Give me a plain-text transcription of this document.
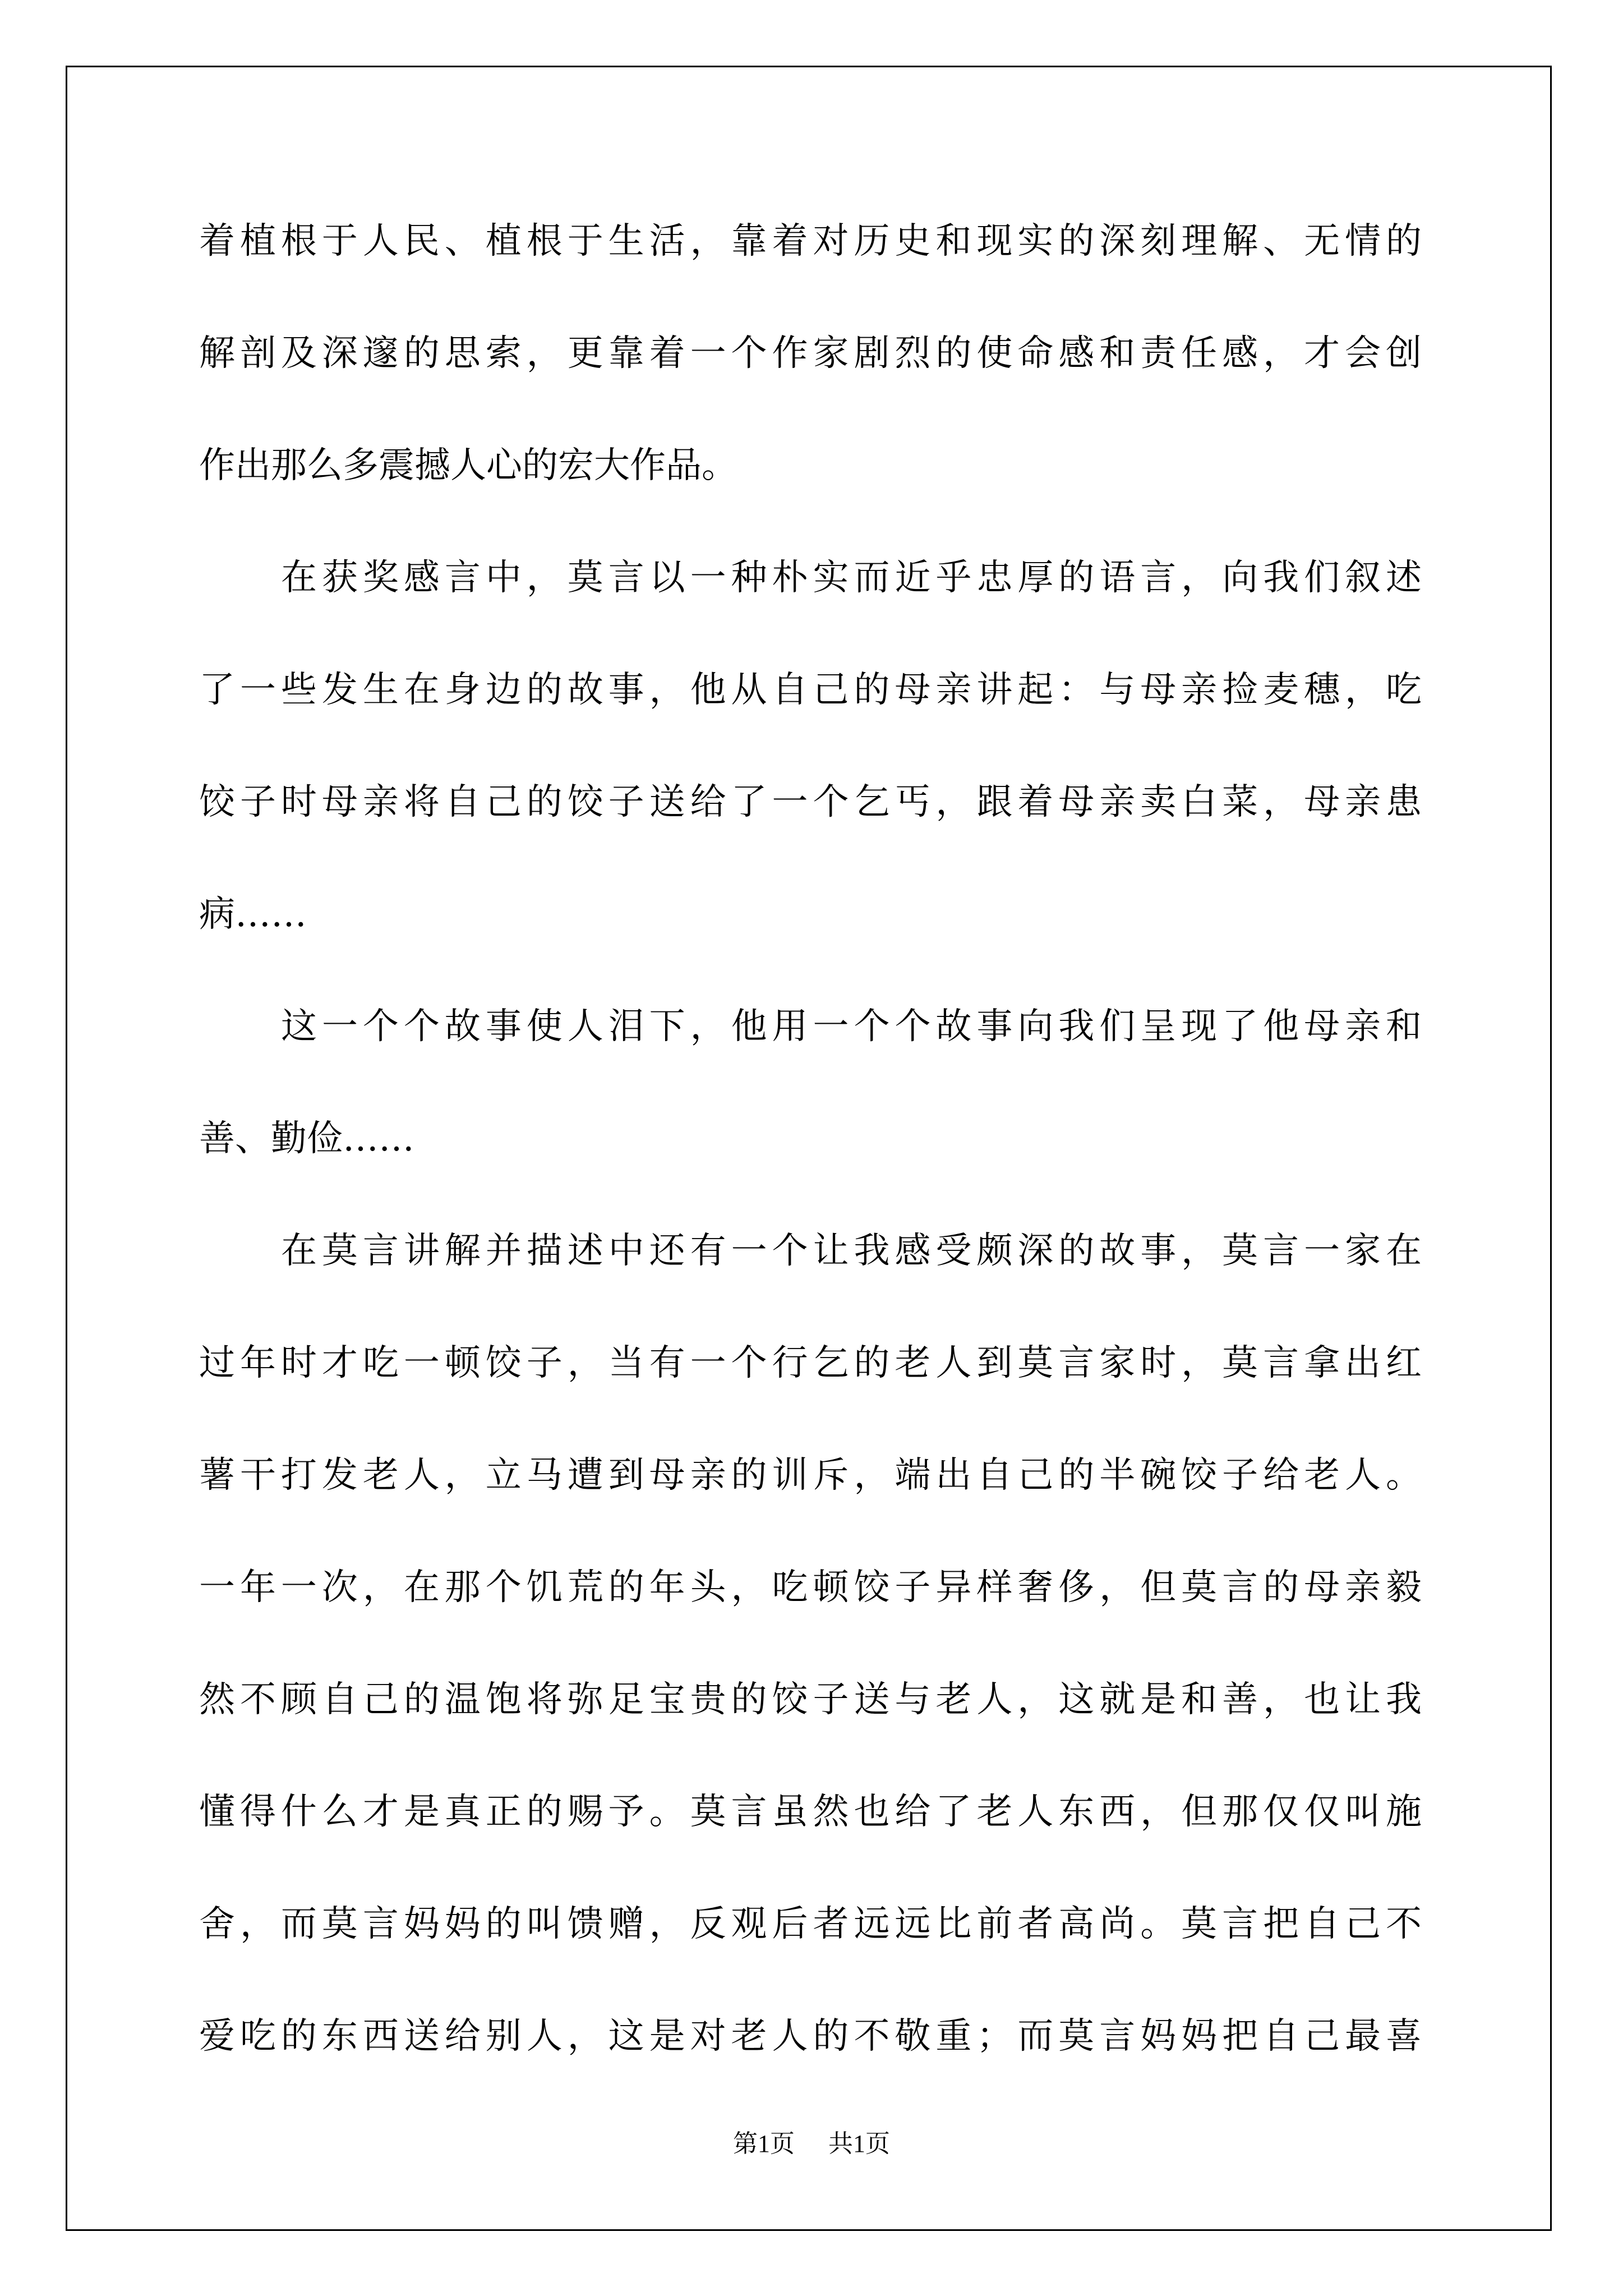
着植根于人民、植根于生活，靠着对历史和现实的深刻理解、无情的
解剖及深邃的思索，更靠着一个作家剧烈的使命感和责任感，才会创
作出那么多震撼人心的宏大作品。
在获奖感言中，莫言以一种朴实而近乎忠厚的语言，向我们叙述
了一些发生在身边的故事，他从自己的母亲讲起：与母亲捡麦穗，吃
饺子时母亲将自己的饺子送给了一个乞丐，跟着母亲卖白菜，母亲患
病……
这一个个故事使人泪下，他用一个个故事向我们呈现了他母亲和
善、勤俭……
在莫言讲解并描述中还有一个让我感受颇深的故事，莫言一家在
过年时才吃一顿饺子，当有一个行乞的老人到莫言家时，莫言拿出红
薯干打发老人，立马遭到母亲的训斥，端出自己的半碗饺子给老人。
一年一次，在那个饥荒的年头，吃顿饺子异样奢侈，但莫言的母亲毅
然不顾自己的温饱将弥足宝贵的饺子送与老人，这就是和善，也让我
懂得什么才是真正的赐予。莫言虽然也给了老人东西，但那仅仅叫施
舍，而莫言妈妈的叫馈赠，反观后者远远比前者高尚。莫言把自己不
爱吃的东西送给别人，这是对老人的不敬重；而莫言妈妈把自己最喜
第1页 共1页
